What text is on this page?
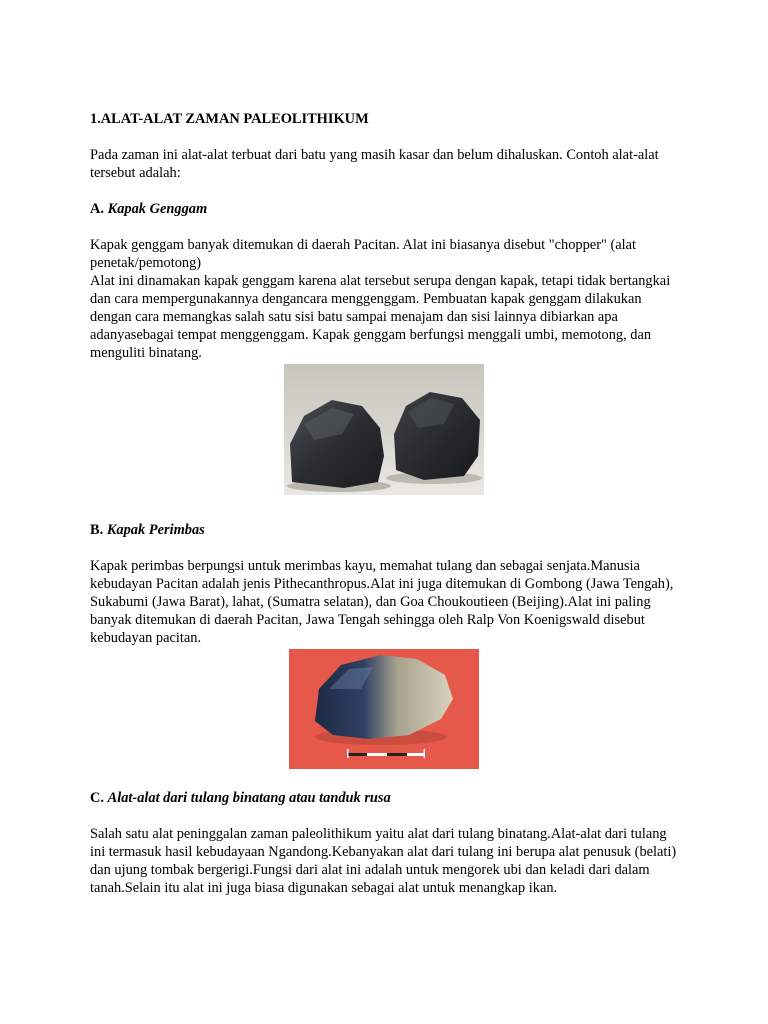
1.ALAT-ALAT ZAMAN PALEOLITHIKUM

Pada zaman ini alat-alat terbuat dari batu yang masih kasar dan belum dihaluskan. Contoh alat-alat tersebut adalah:

A. Kapak Genggam

Kapak genggam banyak ditemukan di daerah Pacitan. Alat ini biasanya disebut "chopper" (alat penetak/pemotong)

Alat ini dinamakan kapak genggam karena alat tersebut serupa dengan kapak, tetapi tidak bertangkai dan cara mempergunakannya dengancara menggenggam. Pembuatan kapak genggam dilakukan dengan cara memangkas salah satu sisi batu sampai menajam dan sisi lainnya dibiarkan apa adanyasebagai tempat menggenggam. Kapak genggam berfungsi menggali umbi, memotong, dan menguliti binatang.

B. Kapak Perimbas

Kapak perimbas berpungsi untuk merimbas kayu, memahat tulang dan sebagai senjata.Manusia kebudayan Pacitan adalah jenis Pithecanthropus.Alat ini juga ditemukan di Gombong (Jawa Tengah), Sukabumi (Jawa Barat), lahat, (Sumatra selatan), dan Goa Choukoutieen (Beijing).Alat ini paling banyak ditemukan di daerah Pacitan, Jawa Tengah sehingga oleh Ralp Von Koenigswald disebut kebudayan pacitan.

C. Alat-alat dari tulang binatang atau tanduk rusa

Salah satu alat peninggalan zaman paleolithikum yaitu alat dari tulang binatang.Alat-alat dari tulang ini termasuk hasil kebudayaan Ngandong.Kebanyakan alat dari tulang ini berupa alat penusuk (belati) dan ujung tombak bergerigi.Fungsi dari alat ini adalah untuk mengorek ubi dan keladi dari dalam tanah.Selain itu alat ini juga biasa digunakan sebagai alat untuk menangkap ikan.
